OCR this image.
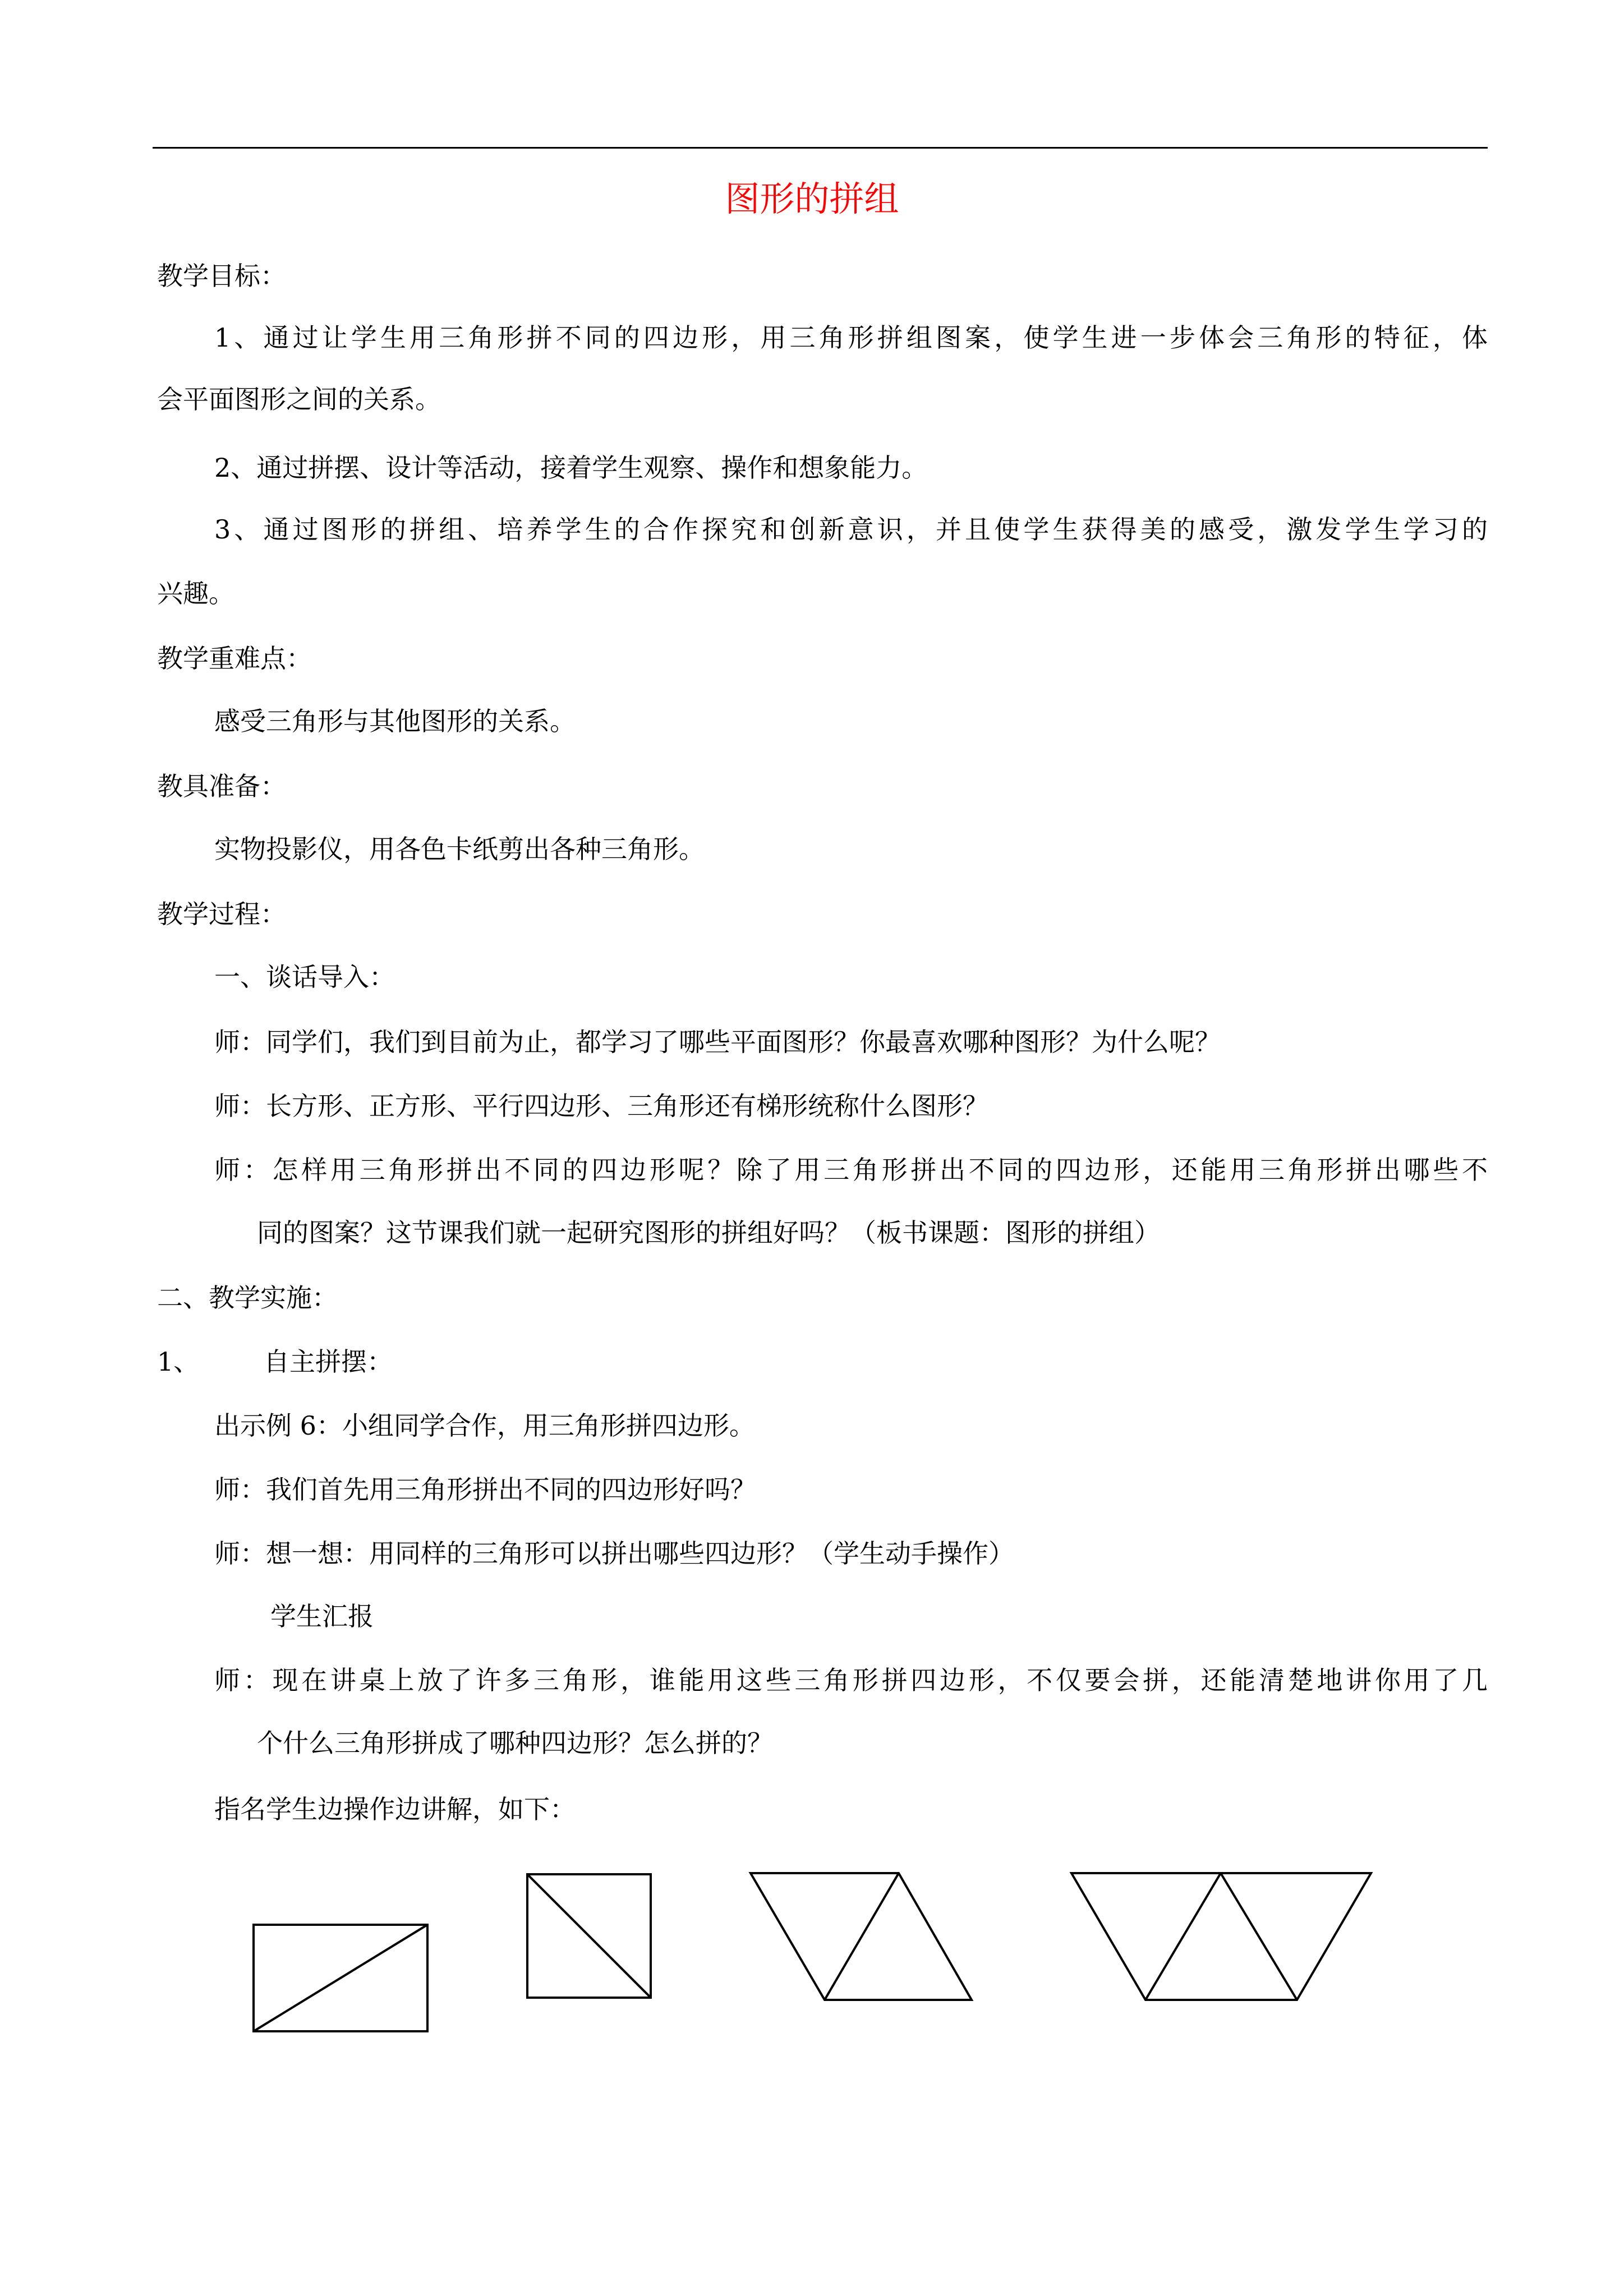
图形的拼组
教学目标：
1、通过让学生用三角形拼不同的四边形，用三角形拼组图案，使学生进一步体会三角形的特征，体
会平面图形之间的关系。
2、通过拼摆、设计等活动，接着学生观察、操作和想象能力。
3、通过图形的拼组、培养学生的合作探究和创新意识，并且使学生获得美的感受，激发学生学习的
兴趣。
教学重难点：
感受三角形与其他图形的关系。
教具准备：
实物投影仪，用各色卡纸剪出各种三角形。
教学过程：
一、谈话导入：
师：同学们，我们到目前为止，都学习了哪些平面图形？你最喜欢哪种图形？为什么呢？
师：长方形、正方形、平行四边形、三角形还有梯形统称什么图形？
师：怎样用三角形拼出不同的四边形呢？除了用三角形拼出不同的四边形，还能用三角形拼出哪些不
同的图案？这节课我们就一起研究图形的拼组好吗？（板书课题：图形的拼组）
二、教学实施：
1、 自主拼摆：
出示例 6：小组同学合作，用三角形拼四边形。
师：我们首先用三角形拼出不同的四边形好吗？
师：想一想：用同样的三角形可以拼出哪些四边形？（学生动手操作）
学生汇报
师：现在讲桌上放了许多三角形，谁能用这些三角形拼四边形，不仅要会拼，还能清楚地讲你用了几
个什么三角形拼成了哪种四边形？怎么拼的？
指名学生边操作边讲解，如下：
